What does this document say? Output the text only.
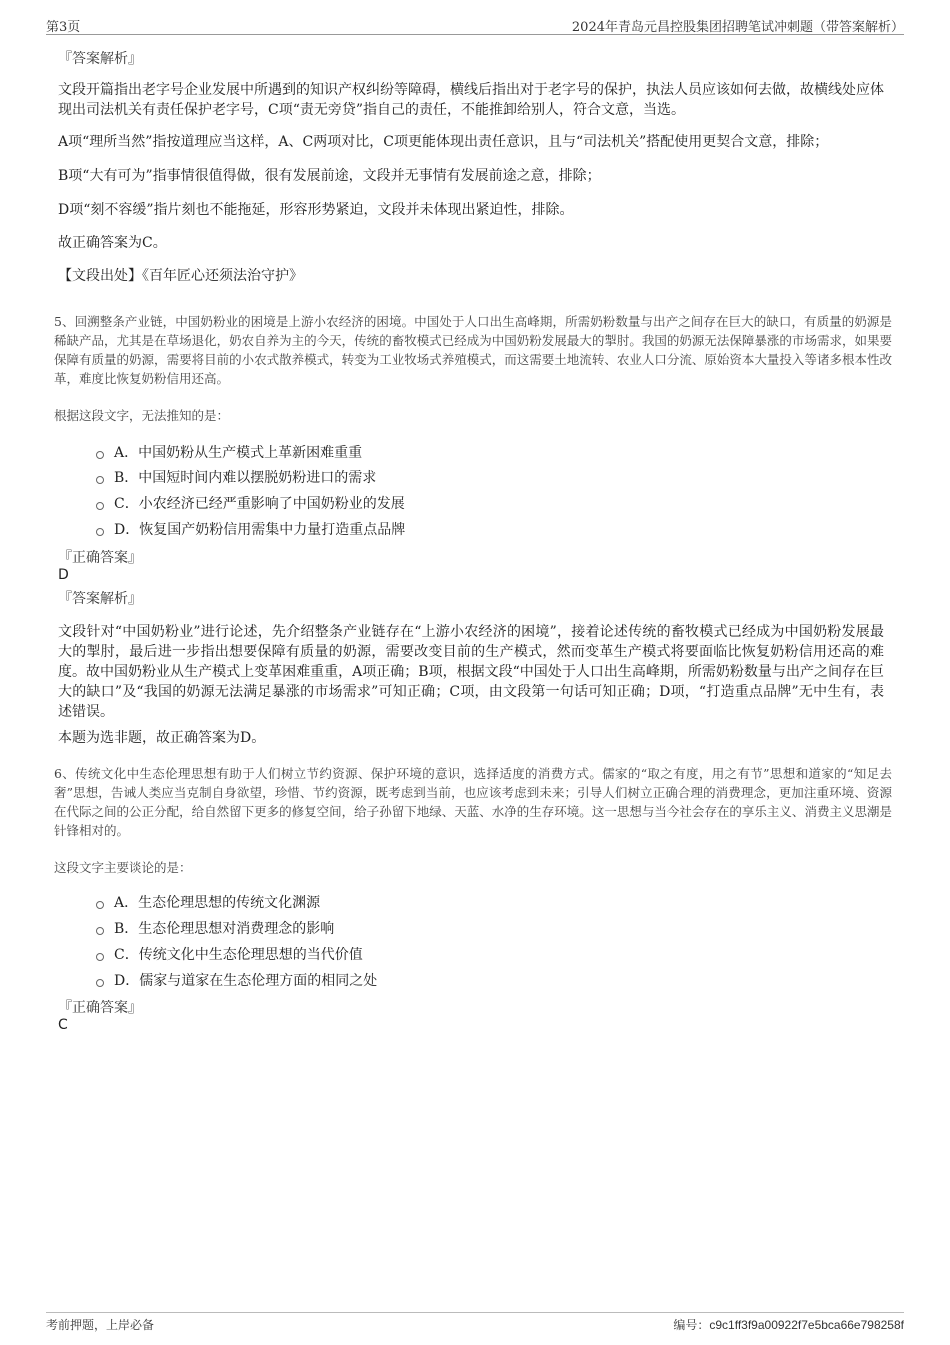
第3页	2024年青岛元昌控股集团招聘笔试冲刺题（带答案解析）
『答案解析』
文段开篇指出老字号企业发展中所遇到的知识产权纠纷等障碍，横线后指出对于老字号的保护，执法人员应该如何去做，故横线处应体现出司法机关有责任保护老字号，C项“责无旁贷”指自己的责任，不能推卸给别人，符合文意，当选。
A项“理所当然”指按道理应当这样，A、C两项对比，C项更能体现出责任意识，且与“司法机关”搭配使用更契合文意，排除；
B项“大有可为”指事情很值得做，很有发展前途，文段并无事情有发展前途之意，排除；
D项“刻不容缓”指片刻也不能拖延，形容形势紧迫，文段并未体现出紧迫性，排除。
故正确答案为C。
【文段出处】《百年匠心还须法治守护》
5、回溯整条产业链，中国奶粉业的困境是上游小农经济的困境。中国处于人口出生高峰期，所需奶粉数量与出产之间存在巨大的缺口，有质量的奶源是稀缺产品，尤其是在草场退化，奶农自养为主的今天，传统的畜牧模式已经成为中国奶粉发展最大的掣肘。我国的奶源无法保障暴涨的市场需求，如果要保障有质量的奶源，需要将目前的小农式散养模式，转变为工业牧场式养殖模式，而这需要土地流转、农业人口分流、原始资本大量投入等诸多根本性改革，难度比恢复奶粉信用还高。
根据这段文字，无法推知的是：
A．中国奶粉从生产模式上革新困难重重
B．中国短时间内难以摆脱奶粉进口的需求
C．小农经济已经严重影响了中国奶粉业的发展
D．恢复国产奶粉信用需集中力量打造重点品牌
『正确答案』
D
『答案解析』
文段针对“中国奶粉业”进行论述，先介绍整条产业链存在“上游小农经济的困境”，接着论述传统的畜牧模式已经成为中国奶粉发展最大的掣肘，最后进一步指出想要保障有质量的奶源，需要改变目前的生产模式，然而变革生产模式将要面临比恢复奶粉信用还高的难度。故中国奶粉业从生产模式上变革困难重重，A项正确；B项，根据文段“中国处于人口出生高峰期，所需奶粉数量与出产之间存在巨大的缺口”及“我国的奶源无法满足暴涨的市场需求”可知正确；C项，由文段第一句话可知正确；D项，“打造重点品牌”无中生有，表述错误。
本题为选非题，故正确答案为D。
6、传统文化中生态伦理思想有助于人们树立节约资源、保护环境的意识，选择适度的消费方式。儒家的“取之有度，用之有节”思想和道家的“知足去奢”思想，告诫人类应当克制自身欲望，珍惜、节约资源，既考虑到当前，也应该考虑到未来；引导人们树立正确合理的消费理念，更加注重环境、资源在代际之间的公正分配，给自然留下更多的修复空间，给子孙留下地绿、天蓝、水净的生存环境。这一思想与当今社会存在的享乐主义、消费主义思潮是针锋相对的。
这段文字主要谈论的是：
A．生态伦理思想的传统文化渊源
B．生态伦理思想对消费理念的影响
C．传统文化中生态伦理思想的当代价值
D．儒家与道家在生态伦理方面的相同之处
『正确答案』
C
考前押题，上岸必备	编号：c9c1ff3f9a00922f7e5bca66e798258f
